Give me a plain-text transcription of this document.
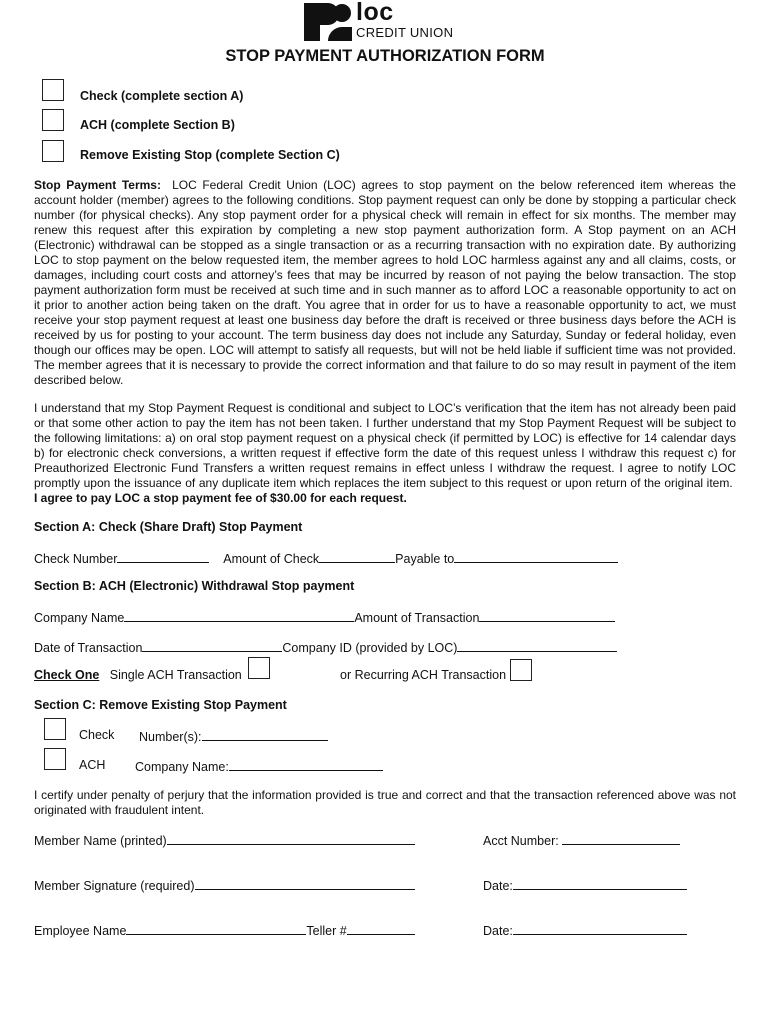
loc
CREDIT UNION
STOP PAYMENT AUTHORIZATION FORM
Check (complete section A)
ACH (complete Section B)
Remove Existing Stop (complete Section C)

Stop Payment Terms: LOC Federal Credit Union (LOC) agrees to stop payment on the below referenced item whereas the account holder (member) agrees to the following conditions. Stop payment request can only be done by stopping a particular check number (for physical checks). Any stop payment order for a physical check will remain in effect for six months. The member may renew this request after this expiration by completing a new stop payment authorization form. A Stop payment on an ACH (Electronic) withdrawal can be stopped as a single transaction or as a recurring transaction with no expiration date. By authorizing LOC to stop payment on the below requested item, the member agrees to hold LOC harmless against any and all claims, costs, or damages, including court costs and attorney’s fees that may be incurred by reason of not paying the below transaction. The stop payment authorization form must be received at such time and in such manner as to afford LOC a reasonable opportunity to act on it prior to another action being taken on the draft. You agree that in order for us to have a reasonable opportunity to act, we must receive your stop payment request at least one business day before the draft is received or three business days before the ACH is received by us for posting to your account. The term business day does not include any Saturday, Sunday or federal holiday, even though our offices may be open. LOC will attempt to satisfy all requests, but will not be held liable if sufficient time was not provided. The member agrees that it is necessary to provide the correct information and that failure to do so may result in payment of the item described below.

I understand that my Stop Payment Request is conditional and subject to LOC’s verification that the item has not already been paid or that some other action to pay the item has not been taken. I further understand that my Stop Payment Request will be subject to the following limitations: a) on oral stop payment request on a physical check (if permitted by LOC) is effective for 14 calendar days b) for electronic check conversions, a written request if effective form the date of this request unless I withdraw this request c) for Preauthorized Electronic Fund Transfers a written request remains in effect unless I withdraw the request. I agree to notify LOC promptly upon the issuance of any duplicate item which replaces the item subject to this request or upon return of the original item.  I agree to pay LOC a stop payment fee of $30.00 for each request.

Section A: Check (Share Draft) Stop Payment
Check Number	Amount of Check	Payable to
Section B: ACH (Electronic) Withdrawal Stop payment
Company Name	Amount of Transaction
Date of Transaction	Company ID (provided by LOC)
Check One Single ACH Transaction	or Recurring ACH Transaction
Section C: Remove Existing Stop Payment
Check Number(s):
ACH Company Name:
I certify under penalty of perjury that the information provided is true and correct and that the transaction referenced above was not originated with fraudulent intent.
Member Name (printed)	Acct Number:
Member Signature (required)	Date:
Employee Name	Teller #	Date:
